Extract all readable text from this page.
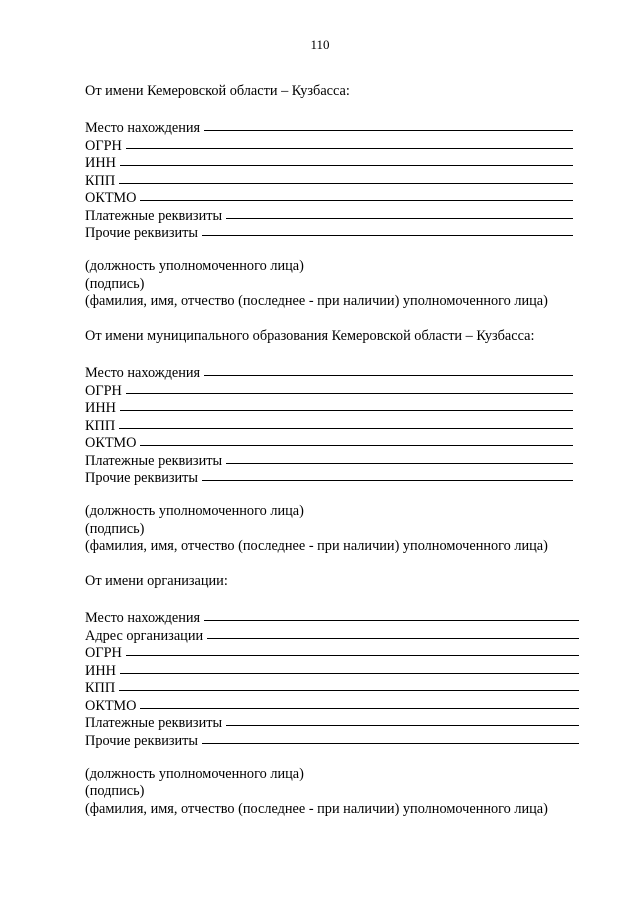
110
От имени Кемеровской области – Кузбасса:
Место нахождения
ОГРН
ИНН
КПП
ОКТМО
Платежные реквизиты
Прочие реквизиты
(должность уполномоченного лица)
(подпись)
(фамилия, имя, отчество (последнее - при наличии) уполномоченного лица)
От имени муниципального образования Кемеровской области – Кузбасса:
Место нахождения
ОГРН
ИНН
КПП
ОКТМО
Платежные реквизиты
Прочие реквизиты
(должность уполномоченного лица)
(подпись)
(фамилия, имя, отчество (последнее - при наличии) уполномоченного лица)
От имени организации:
Место нахождения
Адрес организации
ОГРН
ИНН
КПП
ОКТМО
Платежные реквизиты
Прочие реквизиты
(должность уполномоченного лица)
(подпись)
(фамилия, имя, отчество (последнее - при наличии) уполномоченного лица)
